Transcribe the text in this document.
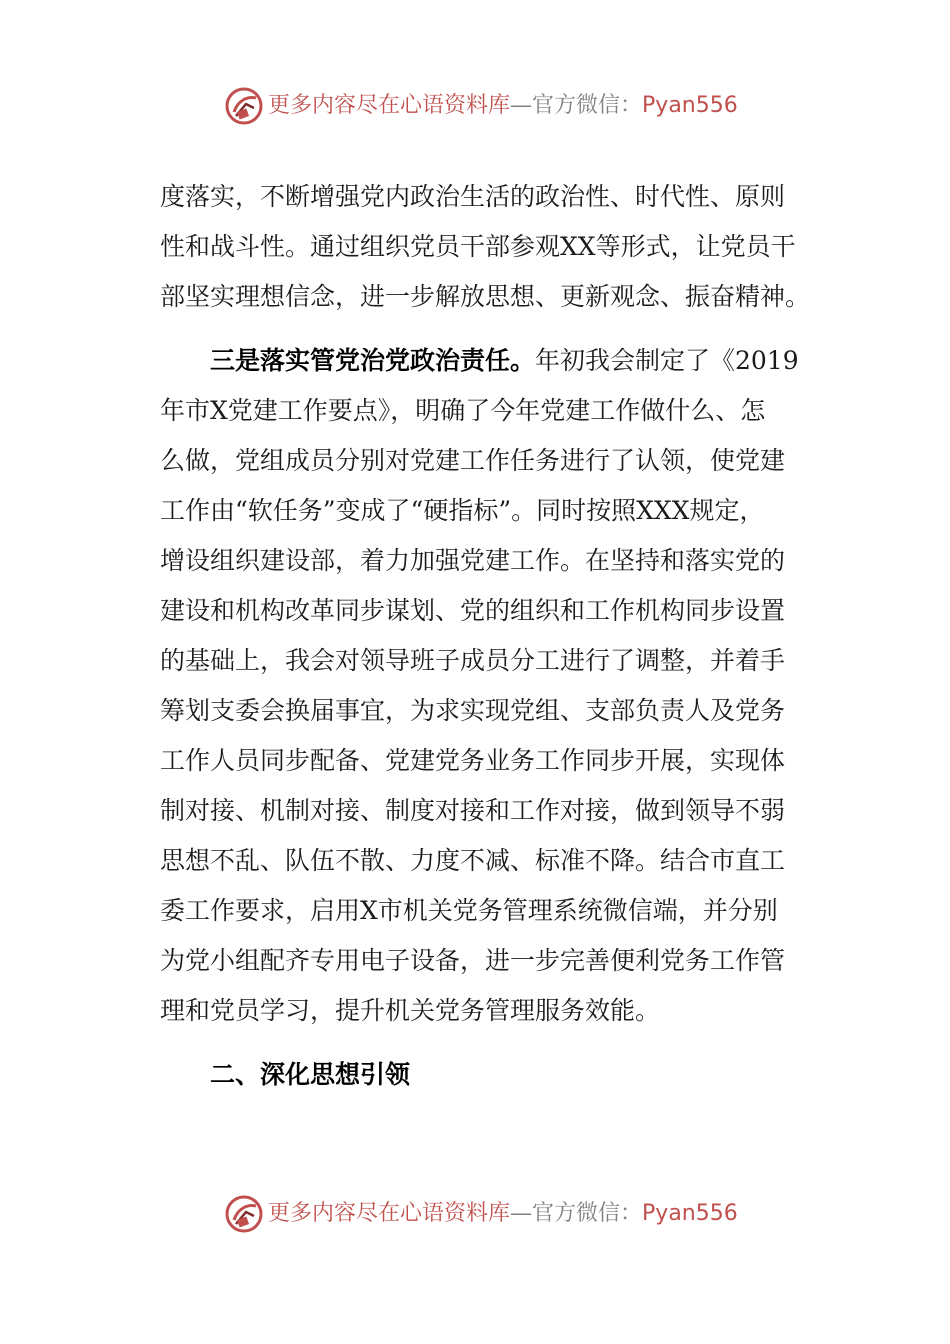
更多内容尽在心语资料库—官方微信：Pyan556
度落实，不断增强党内政治生活的政治性、时代性、原则
性和战斗性。通过组织党员干部参观XX等形式，让党员干
部坚实理想信念，进一步解放思想、更新观念、振奋精神。
三是落实管党治党政治责任。年初我会制定了《2019
年市X党建工作要点》，明确了今年党建工作做什么、怎
么做，党组成员分别对党建工作任务进行了认领，使党建
工作由“软任务”变成了“硬指标”。同时按照XXX规定，
增设组织建设部，着力加强党建工作。在坚持和落实党的
建设和机构改革同步谋划、党的组织和工作机构同步设置
的基础上，我会对领导班子成员分工进行了调整，并着手
筹划支委会换届事宜，为求实现党组、支部负责人及党务
工作人员同步配备、党建党务业务工作同步开展，实现体
制对接、机制对接、制度对接和工作对接，做到领导不弱
思想不乱、队伍不散、力度不减、标准不降。结合市直工
委工作要求，启用X市机关党务管理系统微信端，并分别
为党小组配齐专用电子设备，进一步完善便利党务工作管
理和党员学习，提升机关党务管理服务效能。
二、深化思想引领
更多内容尽在心语资料库—官方微信：Pyan556
